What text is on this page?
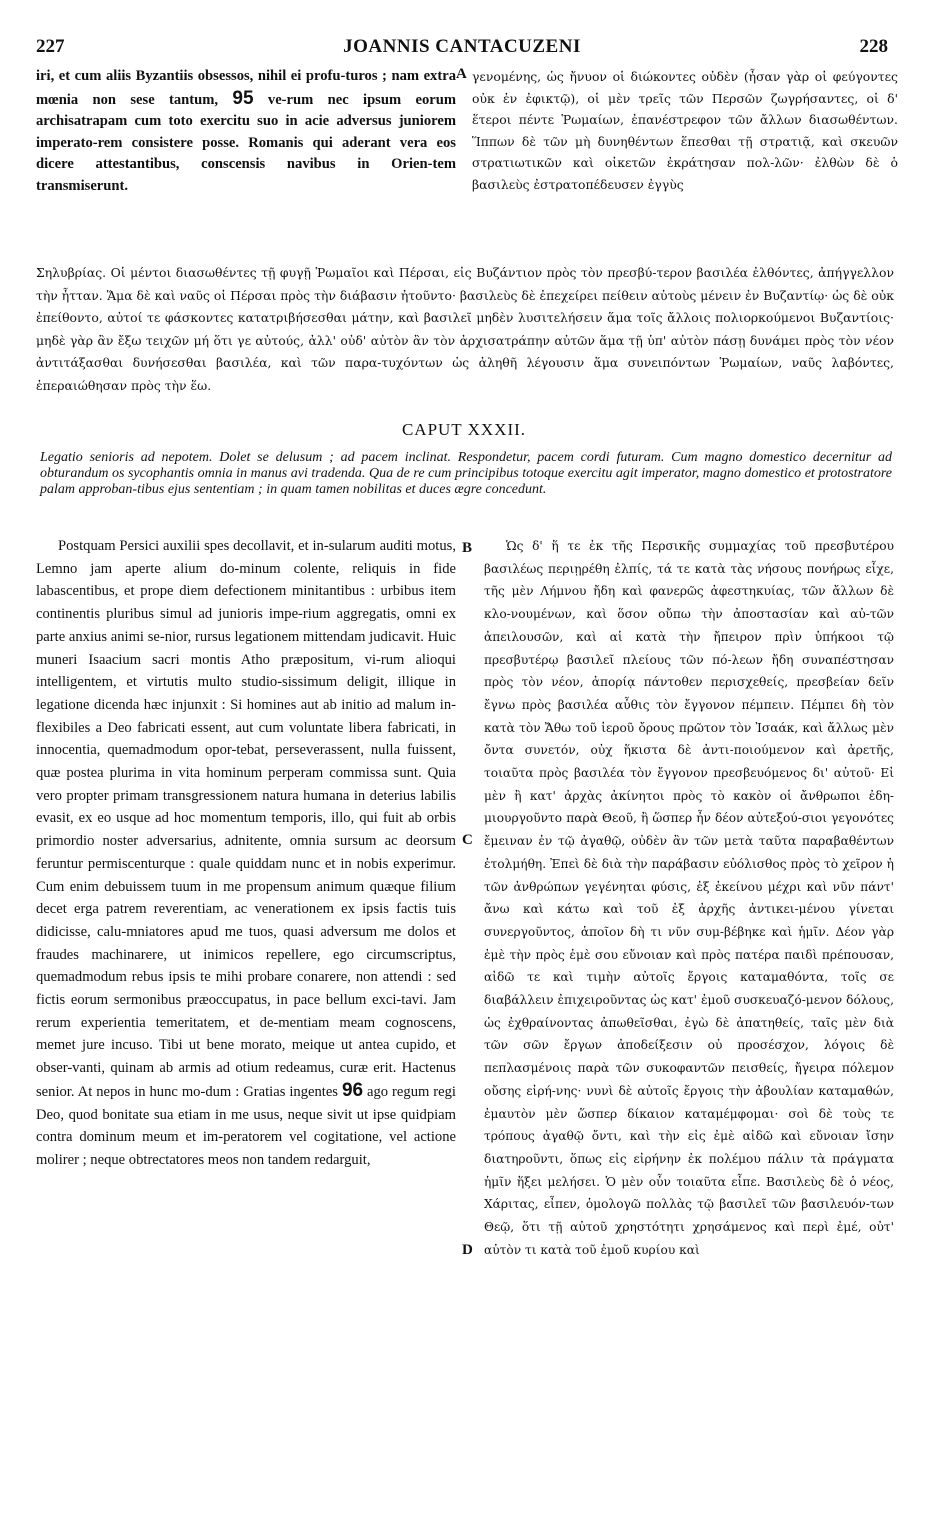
227	JOANNIS CANTACUZENI	228
iri, et cum aliis Byzantiis obsessos, nihil ei profu-turos ; nam extra mœnia non sese tantum, 95 ve-rum nec ipsum eorum archisatrapam cum toto exercitu suo in acie adversus juniorem imperato-rem consistere posse. Romanis qui aderant vera eos dicere attestantibus, conscensis navibus in Orien-tem transmiserunt.
A γενομένης, ὡς ἤνυον οἱ διώκοντες οὐδὲν (ἦσαν γὰρ οἱ φεύγοντες οὐκ ἐν ἐφικτῷ), οἱ μὲν τρεῖς τῶν Περσῶν ζωγρήσαντες, οἱ δ' ἕτεροι πέντε Ῥωμαίων, ἐπανέστρεφον τῶν ἄλλων διασωθέντων. Ἵππων δὲ τῶν μὴ δυνηθέντων ἕπεσθαι τῇ στρατιᾷ, καὶ σκευῶν στρατιωτικῶν καὶ οἰκετῶν ἐκράτησαν πολ-λῶν· ἐλθὼν δὲ ὁ βασιλεὺς ἐστρατοπέδευσεν ἐγγὺς
Σηλυβρίας. Οἱ μέντοι διασωθέντες τῇ φυγῇ Ῥωμαῖοι καὶ Πέρσαι, εἰς Βυζάντιον πρὸς τὸν πρεσβύ-τερον βασιλέα ἐλθόντες, ἀπήγγελλον τὴν ἧτταν. Ἅμα δὲ καὶ ναῦς οἱ Πέρσαι πρὸς τὴν διάβασιν ἠτοῦντο· βασιλεὺς δὲ ἐπεχείρει πείθειν αὐτοὺς μένειν ἐν Βυζαντίῳ· ὡς δὲ οὐκ ἐπείθοντο, αὐτοί τε φάσκοντες κατατριβήσεσθαι μάτην, καὶ βασιλεῖ μηδὲν λυσιτελήσειν ἅμα τοῖς ἄλλοις πολιορκούμενοι Βυζαντίοις· μηδὲ γὰρ ἂν ἔξω τειχῶν μή ὅτι γε αὐτούς, ἀλλ' οὐδ' αὐτὸν ἂν τὸν ἀρχισατράπην αὐτῶν ἅμα τῇ ὑπ' αὐτὸν πάσῃ δυνάμει πρὸς τὸν νέον ἀντιτάξασθαι δυνήσεσθαι βασιλέα, καὶ τῶν παρα-τυχόντων ὡς ἀληθῆ λέγουσιν ἅμα συνειπόντων Ῥωμαίων, ναῦς λαβόντες, ἐπεραιώθησαν πρὸς τὴν ἕω.
CAPUT XXXII.
Legatio senioris ad nepotem. Dolet se delusum ; ad pacem inclinat. Respondetur, pacem cordi futuram. Cum magno domestico decernitur ad obturandum os sycophantis omnia in manus avi tradenda. Qua de re cum principibus totoque exercitu agit imperator, magno domestico et protostratore palam approban-tibus ejus sententiam ; in quam tamen nobilitas et duces ægre concedunt.

Postquam Persici auxilii spes decollavit, et in-sularum auditi motus, Lemno jam aperte alium do-minum colente, reliquis in fide labascentibus, et prope diem defectionem minitantibus : urbibus item continentis pluribus simul ad junioris impe-rium aggregatis, omni ex parte anxius animi se-nior, rursus legationem mittendam judicavit. Huic muneri Isaacium sacri montis Atho præpositum, vi-rum alioqui intelligentem, et virtutis multo studio-sissimum deligit, illique in legatione dicenda hæc injunxit : Si homines aut ab initio ad malum in-flexibiles a Deo fabricati essent, aut cum voluntate libera fabricati, in innocentia, quemadmodum opor-tebat, perseverassent, nulla fuissent, quæ postea plurima in vita hominum perperam commissa sunt. Quia vero propter primam transgressionem natura humana in deterius labilis evasit, ex eo usque ad hoc momentum temporis, illo, qui fuit ab orbis primordio noster adversarius, adnitente, omnia sursum ac deorsum feruntur permiscenturque : quale quiddam nunc et in nobis experimur. Cum enim debuissem tuum in me propensum animum quæque filium decet erga patrem reverentiam, ac venerationem ex ipsis factis tuis didicisse, calu-mniatores apud me tuos, quasi adversum me dolos et fraudes machinarere, ut inimicos repellere, ego circumscriptus, quemadmodum rebus ipsis te mihi probare conarere, non attendi : sed fictis eorum sermonibus præoccupatus, in pace bellum exci-tavi. Jam rerum experientia temeritatem, et de-mentiam meam cognoscens, memet jure incuso. Tibi ut bene morato, meique ut antea cupido, et obser-vanti, quinam ab armis ad otium redeamus, curæ erit. Hactenus senior. At nepos in hunc mo-dum : Gratias ingentes 96 ago regum regi Deo, quod bonitate sua etiam in me usus, neque sivit ut ipse quidpiam contra dominum meum et im-peratorem vel cogitatione, vel actione molirer ; neque obtrectatores meos non tandem redarguit,

B
C
D

Ὡς δ' ἥ τε ἐκ τῆς Περσικῆς συμμαχίας τοῦ πρεσβυτέρου βασιλέως περιῃρέθη ἐλπίς, τά τε κατὰ τὰς νήσους πονήρως εἶχε, τῆς μὲν Λήμνου ἤδη καὶ φανερῶς ἀφεστηκυίας, τῶν ἄλλων δὲ κλο-νουμένων, καὶ ὅσον οὔπω τὴν ἀποστασίαν καὶ αὐ-τῶν ἀπειλουσῶν, καὶ αἱ κατὰ τὴν ἤπειρον πρὶν ὑπήκοοι τῷ πρεσβυτέρῳ βασιλεῖ πλείους τῶν πό-λεων ἤδη συναπέστησαν πρὸς τὸν νέον, ἀπορίᾳ πάντοθεν περισχεθείς, πρεσβείαν δεῖν ἔγνω πρὸς βασιλέα αὖθις τὸν ἔγγονον πέμπειν. Πέμπει δὴ τὸν κατὰ τὸν Ἄθω τοῦ ἱεροῦ ὄρους πρῶτον τὸν Ἰσαάκ, καὶ ἄλλως μὲν ὄντα συνετόν, οὐχ ἥκιστα δὲ ἀντι-ποιούμενον καὶ ἀρετῆς, τοιαῦτα πρὸς βασιλέα τὸν ἔγγονον πρεσβευόμενος δι' αὐτοῦ· Εἰ μὲν ἢ κατ' ἀρχὰς ἀκίνητοι πρὸς τὸ κακὸν οἱ ἄνθρωποι ἐδη-μιουργοῦντο παρὰ Θεοῦ, ἢ ὥσπερ ἦν δέον αὐτεξού-σιοι γεγονότες ἔμειναν ἐν τῷ ἀγαθῷ, οὐδὲν ἂν τῶν μετὰ ταῦτα παραβαθέντων ἐτολμήθη. Ἐπεὶ δὲ διὰ τὴν παράβασιν εὐόλισθος πρὸς τὸ χεῖρον ἡ τῶν ἀνθρώπων γεγένηται φύσις, ἐξ ἐκείνου μέχρι καὶ νῦν πάντ' ἄνω καὶ κάτω καὶ τοῦ ἐξ ἀρχῆς ἀντικει-μένου γίνεται συνεργοῦντος, ἁποῖον δὴ τι νῦν συμ-βέβηκε καὶ ἡμῖν. Δέον γὰρ ἐμὲ τὴν πρὸς ἐμὲ σου εὔνοιαν καὶ πρὸς πατέρα παιδὶ πρέπουσαν, αἰδῶ τε καὶ τιμὴν αὐτοῖς ἔργοις καταμαθόντα, τοῖς σε διαβάλλειν ἐπιχειροῦντας ὡς κατ' ἐμοῦ συσκευαζό-μενον δόλους, ὡς ἐχθραίνοντας ἀπωθεῖσθαι, ἐγὼ δὲ ἀπατηθείς, ταῖς μὲν διὰ τῶν σῶν ἔργων ἀποδείξεσιν οὐ προσέσχον, λόγοις δὲ πεπλασμένοις παρὰ τῶν συκοφαντῶν πεισθείς, ἤγειρα πόλεμον οὔσης εἰρή-νης· νυνὶ δὲ αὐτοῖς ἔργοις τὴν ἀβουλίαν καταμαθών, ἐμαυτὸν μὲν ὥσπερ δίκαιον καταμέμφομαι· σοὶ δὲ τοὺς τε τρόπους ἀγαθῷ ὄντι, καὶ τὴν εἰς ἐμὲ αἰδῶ καὶ εὔνοιαν ἴσην διατηροῦντι, ὅπως εἰς εἰρήνην ἐκ πολέμου πάλιν τὰ πράγματα ἡμῖν ἥξει μελήσει. Ὁ μὲν οὖν τοιαῦτα εἶπε. Βασιλεὺς δὲ ὁ νέος, Χάριτας, εἶπεν, ὁμολογῶ πολλὰς τῷ βασιλεῖ τῶν βασιλευόν-των Θεῷ, ὅτι τῇ αὐτοῦ χρηστότητι χρησάμενος καὶ περὶ ἐμέ, οὐτ' αὐτὸν τι κατὰ τοῦ ἐμοῦ κυρίου καὶ
